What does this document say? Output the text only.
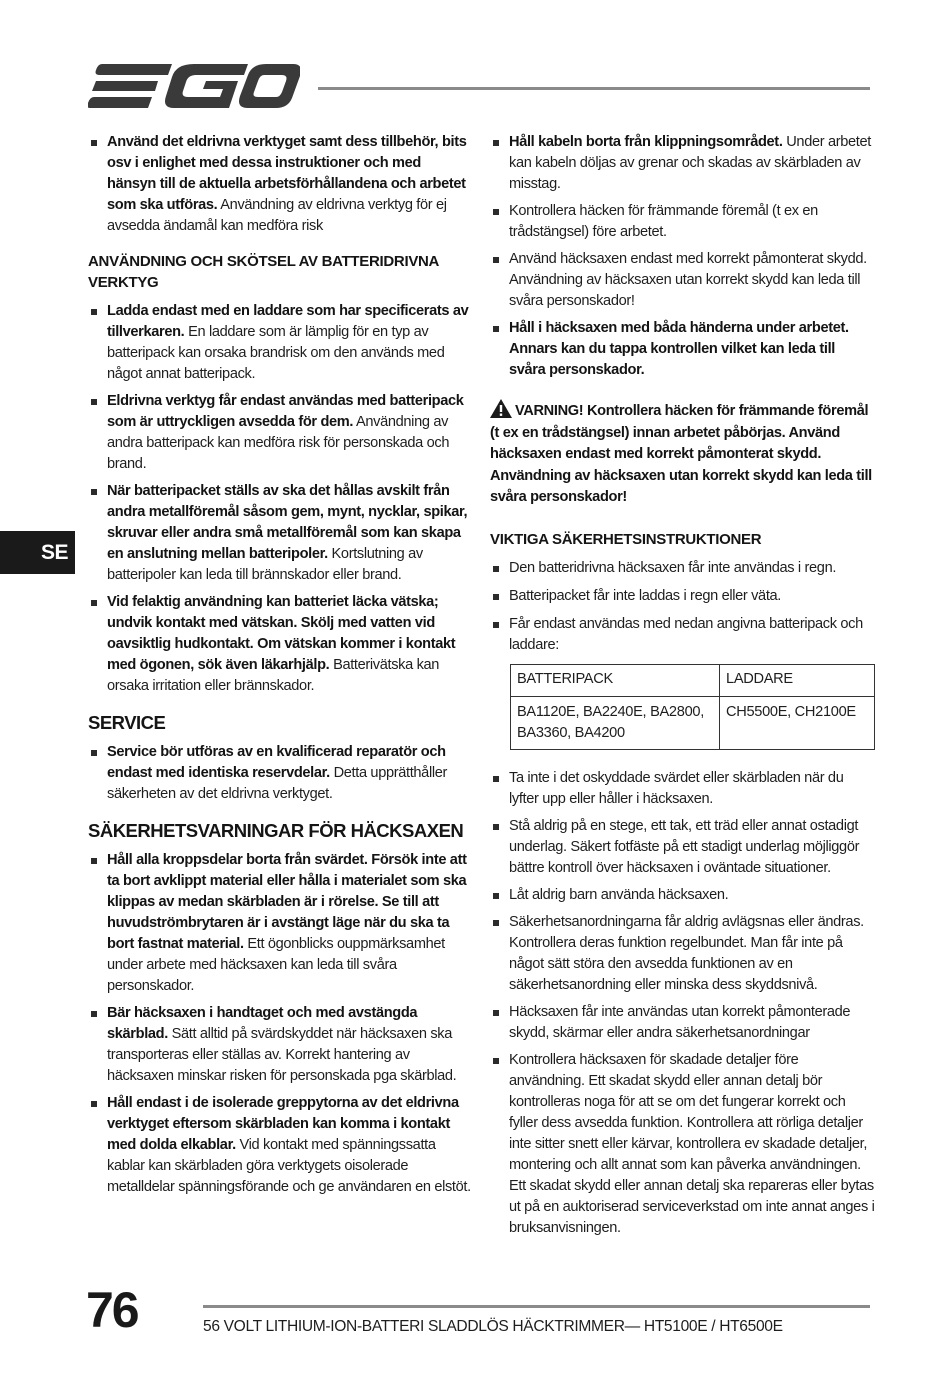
SE
Använd det eldrivna verktyget samt dess tillbehör, bits osv i enlighet med dessa instruktioner och med hänsyn till de aktuella arbetsförhållandena och arbetet som ska utföras. Användning av eldrivna verktyg för ej avsedda ändamål kan medföra risk
ANVÄNDNING OCH SKÖTSEL AV BATTERIDRIVNA VERKTYG
Ladda endast med en laddare som har specificerats av tillverkaren. En laddare som är lämplig för en typ av batteripack kan orsaka brandrisk om den används med något annat batteripack.
Eldrivna verktyg får endast användas med batteripack som är uttryckligen avsedda för dem. Användning av andra batteripack kan medföra risk för personskada och brand.
När batteripacket ställs av ska det hållas avskilt från andra metallföremål såsom gem, mynt, nycklar, spikar, skruvar eller andra små metallföremål som kan skapa en anslutning mellan batteripoler. Kortslutning av batteripoler kan leda till brännskador eller brand.
Vid felaktig användning kan batteriet läcka vätska; undvik kontakt med vätskan. Skölj med vatten vid oavsiktlig hudkontakt. Om vätskan kommer i kontakt med ögonen, sök även läkarhjälp. Batterivätska kan orsaka irritation eller brännskador.
SERVICE
Service bör utföras av en kvalificerad reparatör och endast med identiska reservdelar. Detta upprätthåller säkerheten av det eldrivna verktyget.
SÄKERHETSVARNINGAR FÖR HÄCKSAXEN
Håll alla kroppsdelar borta från svärdet. Försök inte att ta bort avklippt material eller hålla i materialet som ska klippas av medan skärbladen är i rörelse. Se till att huvudströmbrytaren är i avstängt läge när du ska ta bort fastnat material. Ett ögonblicks ouppmärksamhet under arbete med häcksaxen kan leda till svåra personskador.
Bär häcksaxen i handtaget och med avstängda skärblad. Sätt alltid på svärdskyddet när häcksaxen ska transporteras eller ställas av. Korrekt hantering av häcksaxen minskar risken för personskada pga skärblad.
Håll endast i de isolerade greppytorna av det eldrivna verktyget eftersom skärbladen kan komma i kontakt med dolda elkablar. Vid kontakt med spänningssatta kablar kan skärbladen göra verktygets oisolerade metalldelar spänningsförande och ge användaren en elstöt.
Håll kabeln borta från klippningsområdet. Under arbetet kan kabeln döljas av grenar och skadas av skärbladen av misstag.
Kontrollera häcken för främmande föremål (t ex en trådstängsel) före arbetet.
Använd häcksaxen endast med korrekt påmonterat skydd. Användning av häcksaxen utan korrekt skydd kan leda till svåra personskador!
Håll i häcksaxen med båda händerna under arbetet. Annars kan du tappa kontrollen vilket kan leda till svåra personskador.
VARNING! Kontrollera häcken för främmande föremål (t ex en trådstängsel) innan arbetet påbörjas. Använd häcksaxen endast med korrekt påmonterat skydd. Användning av häcksaxen utan korrekt skydd kan leda till svåra personskador!
VIKTIGA SÄKERHETSINSTRUKTIONER
Den batteridrivna häcksaxen får inte användas i regn.
Batteripacket får inte laddas i regn eller väta.
Får endast användas med nedan angivna batteripack och laddare:
BATTERIPACK	LADDARE
BA1120E, BA2240E, BA2800, BA3360, BA4200	CH5500E, CH2100E
Ta inte i det oskyddade svärdet eller skärbladen när du lyfter upp eller håller i häcksaxen.
Stå aldrig på en stege, ett tak, ett träd eller annat ostadigt underlag. Säkert fotfäste på ett stadigt underlag möjliggör bättre kontroll över häcksaxen i oväntade situationer.
Låt aldrig barn använda häcksaxen.
Säkerhetsanordningarna får aldrig avlägsnas eller ändras. Kontrollera deras funktion regelbundet. Man får inte på något sätt störa den avsedda funktionen av en säkerhetsanordning eller minska dess skyddsnivå.
Häcksaxen får inte användas utan korrekt påmonterade skydd, skärmar eller andra säkerhetsanordningar
Kontrollera häcksaxen för skadade detaljer före användning. Ett skadat skydd eller annan detalj bör kontrolleras noga för att se om det fungerar korrekt och fyller dess avsedda funktion. Kontrollera att rörliga detaljer inte sitter snett eller kärvar, kontrollera ev skadade detaljer, montering och allt annat som kan påverka användningen. Ett skadat skydd eller annan detalj ska repareras eller bytas ut på en auktoriserad serviceverkstad om inte annat anges i bruksanvisningen.
76	56 VOLT LITHIUM-ION-BATTERI SLADDLÖS HÄCKTRIMMER— HT5100E / HT6500E
